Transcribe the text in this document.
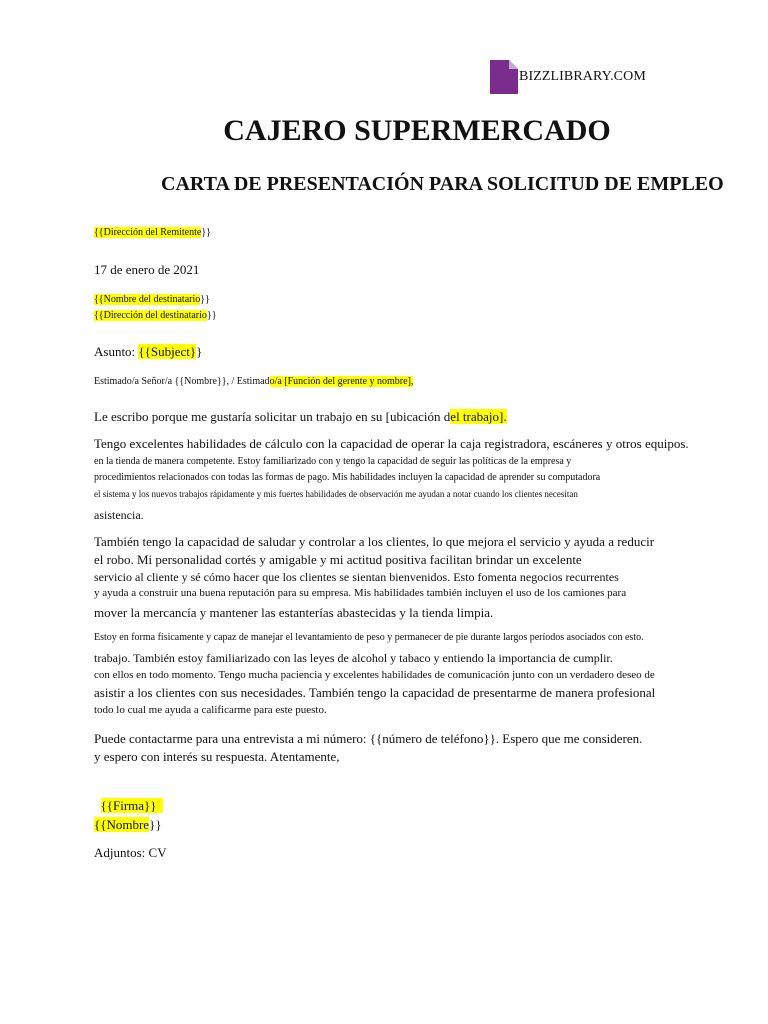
BIZZLIBRARY.COM
CAJERO SUPERMERCADO
CARTA DE PRESENTACIÓN PARA SOLICITUD DE EMPLEO
{{Dirección del Remitente}}
17 de enero de 2021
{{Nombre del destinatario}}
{{Dirección del destinatario}}
Asunto: {{Subject}}
Estimado/a Señor/a {{Nombre}}, / Estimado/a [Función del gerente y nombre],
Le escribo porque me gustaría solicitar un trabajo en su [ubicación del trabajo].
Tengo excelentes habilidades de cálculo con la capacidad de operar la caja registradora, escáneres y otros equipos.
en la tienda de manera competente. Estoy familiarizado con y tengo la capacidad de seguir las políticas de la empresa y
procedimientos relacionados con todas las formas de pago. Mis habilidades incluyen la capacidad de aprender su computadora
el sistema y los nuevos trabajos rápidamente y mis fuertes habilidades de observación me ayudan a notar cuando los clientes necesitan
asistencia.
También tengo la capacidad de saludar y controlar a los clientes, lo que mejora el servicio y ayuda a reducir
el robo. Mi personalidad cortés y amigable y mi actitud positiva facilitan brindar un excelente
servicio al cliente y sé cómo hacer que los clientes se sientan bienvenidos. Esto fomenta negocios recurrentes
y ayuda a construir una buena reputación para su empresa. Mis habilidades también incluyen el uso de los camiones para
mover la mercancía y mantener las estanterías abastecidas y la tienda limpia.
Estoy en forma físicamente y capaz de manejar el levantamiento de peso y permanecer de pie durante largos períodos asociados con esto.
trabajo. También estoy familiarizado con las leyes de alcohol y tabaco y entiendo la importancia de cumplir.
con ellos en todo momento. Tengo mucha paciencia y excelentes habilidades de comunicación junto con un verdadero deseo de
asistir a los clientes con sus necesidades. También tengo la capacidad de presentarme de manera profesional
todo lo cual me ayuda a calificarme para este puesto.
Puede contactarme para una entrevista a mi número: {{número de teléfono}}. Espero que me consideren.
y espero con interés su respuesta. Atentamente,

{{Firma}}

{{Nombre}}
Adjuntos: CV
